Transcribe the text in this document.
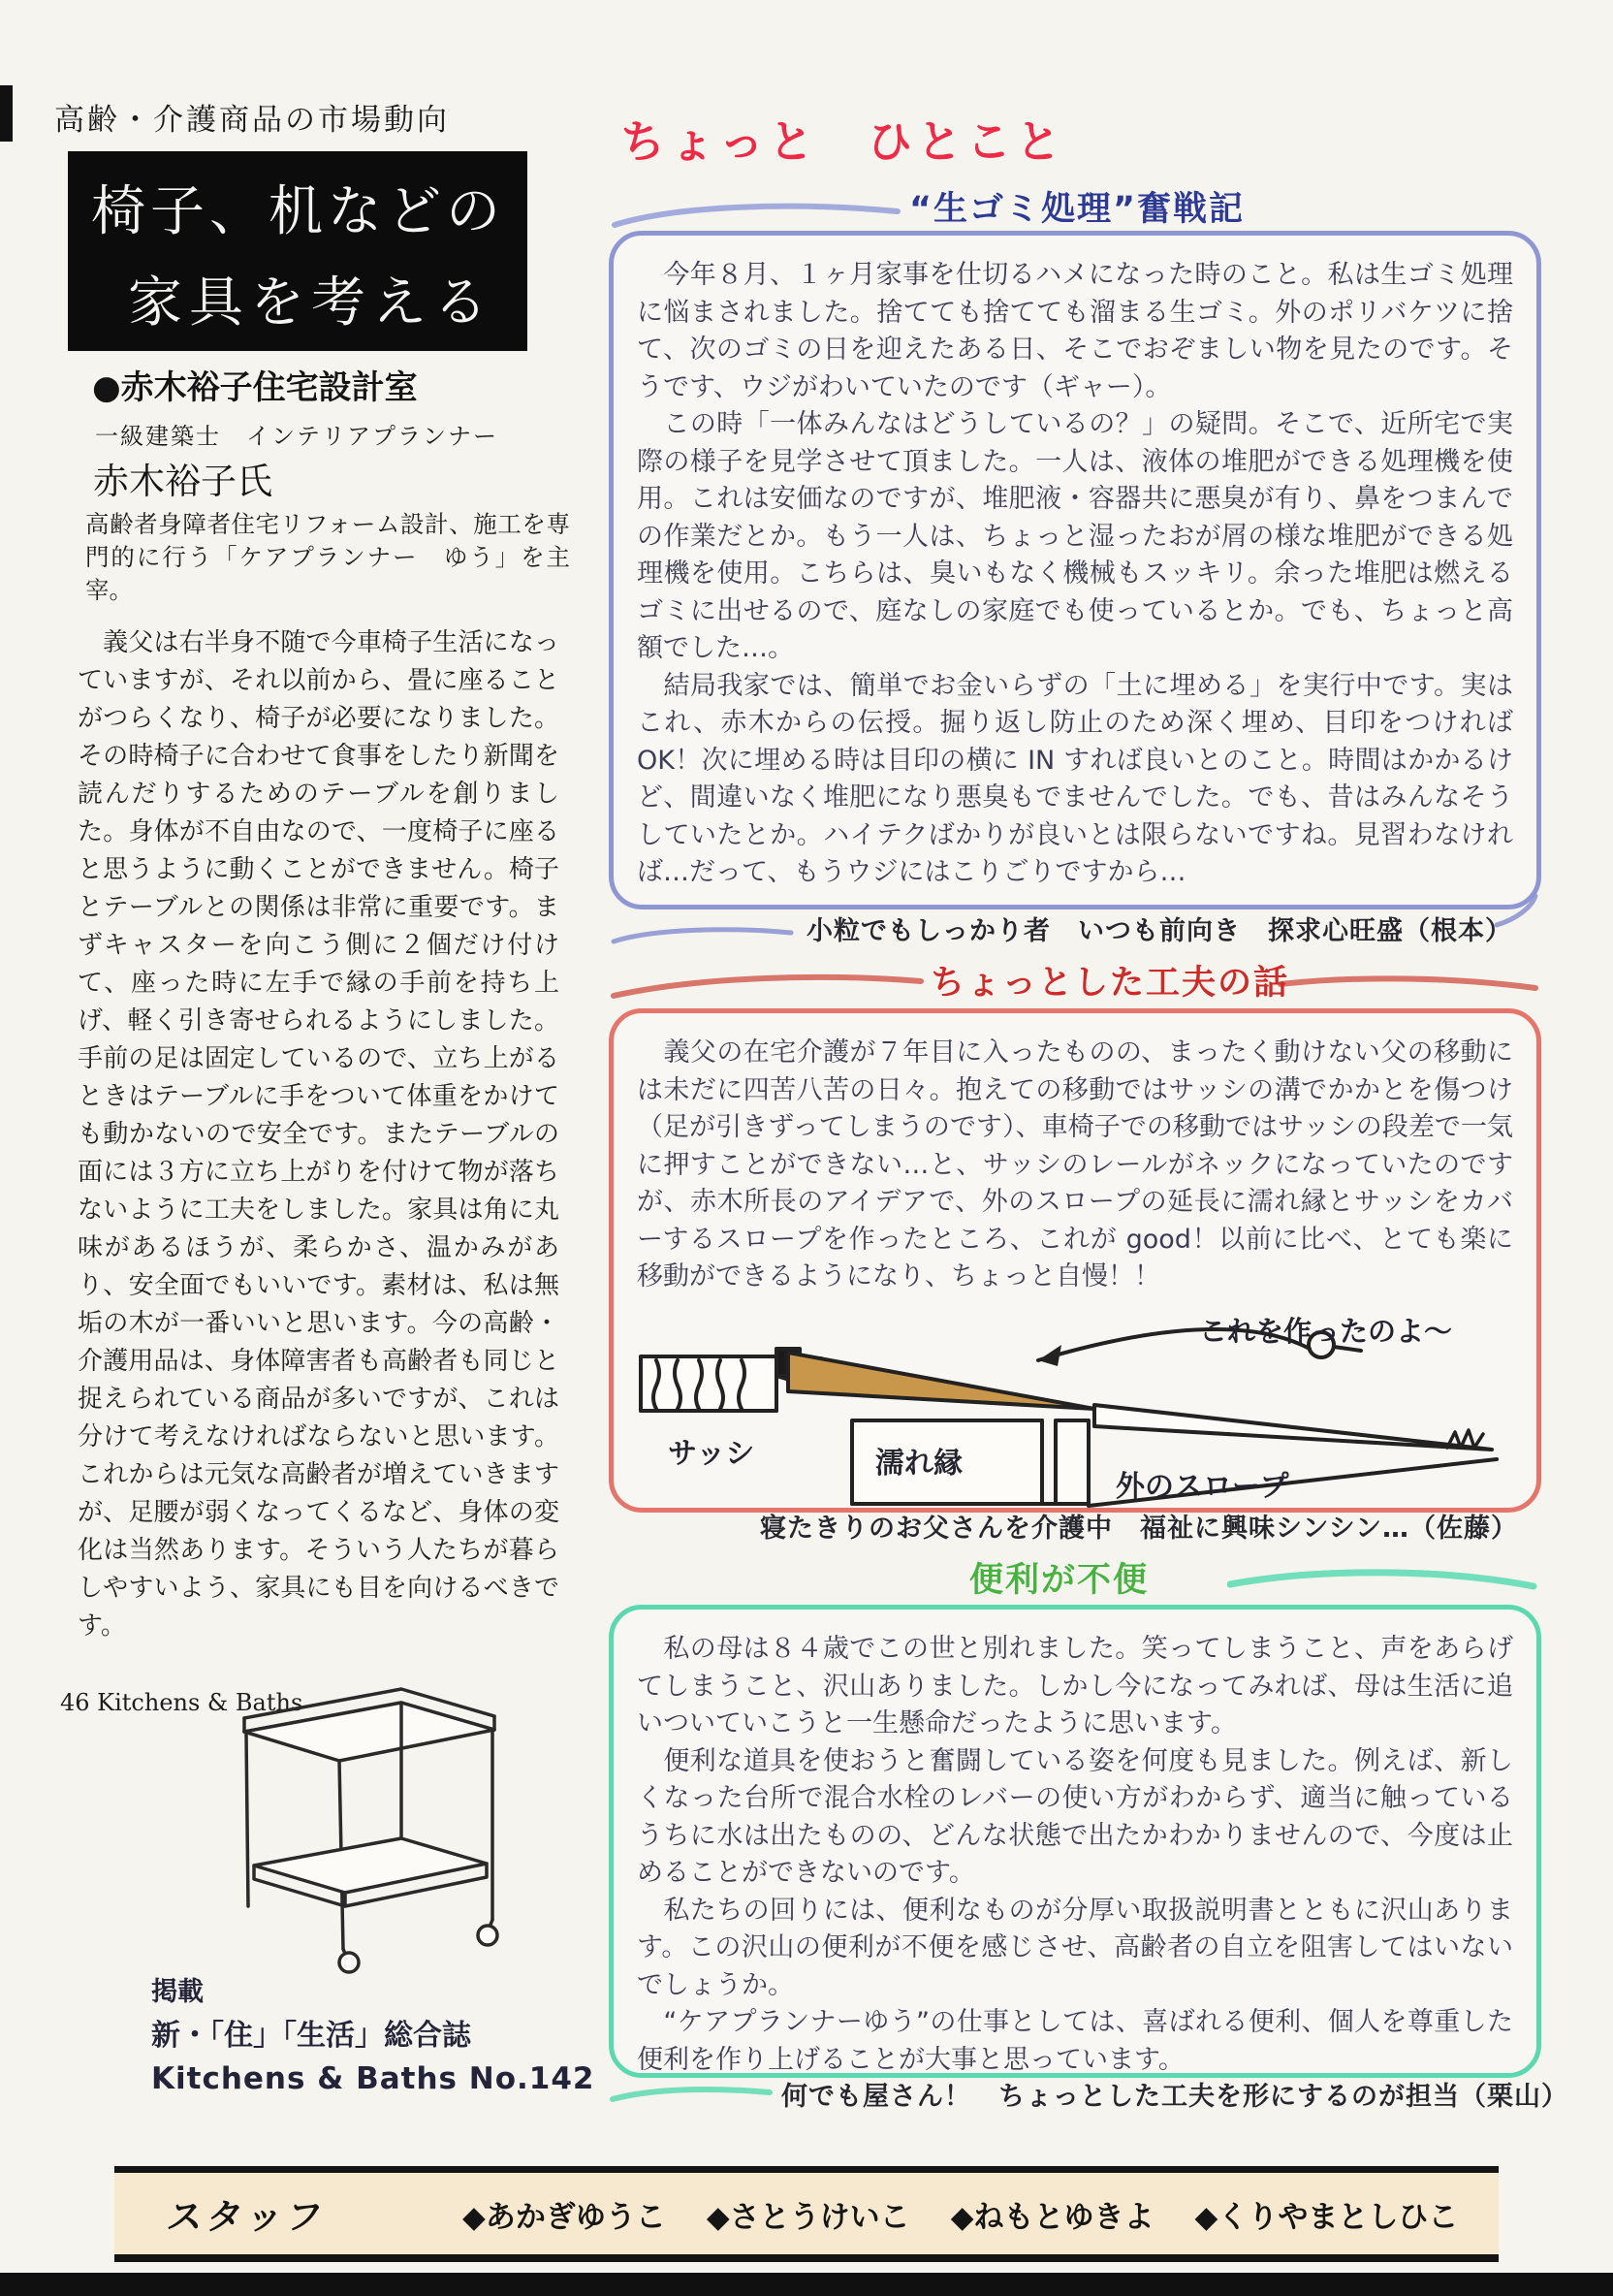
高齢・介護商品の市場動向
椅子、机などの
家具を考える
●赤木裕子住宅設計室
一級建築士　インテリアプランナー
赤木裕子氏
高齢者身障者住宅リフォーム設計、施工を専門的に行う「ケアプランナー　ゆう」を主宰。
　義父は右半身不随で今車椅子生活になっていますが、それ以前から、畳に座ることがつらくなり、椅子が必要になりました。その時椅子に合わせて食事をしたり新聞を読んだりするためのテーブルを創りました。身体が不自由なので、一度椅子に座ると思うように動くことができません。椅子とテーブルとの関係は非常に重要です。まずキャスターを向こう側に２個だけ付けて、座った時に左手で縁の手前を持ち上げ、軽く引き寄せられるようにしました。手前の足は固定しているので、立ち上がるときはテーブルに手をついて体重をかけても動かないので安全です。またテーブルの面には３方に立ち上がりを付けて物が落ちないように工夫をしました。家具は角に丸味があるほうが、柔らかさ、温かみがあり、安全面でもいいです。素材は、私は無垢の木が一番いいと思います。今の高齢・介護用品は、身体障害者も高齢者も同じと捉えられている商品が多いですが、これは分けて考えなければならないと思います。これからは元気な高齢者が増えていきますが、足腰が弱くなってくるなど、身体の変化は当然あります。そういう人たちが暮らしやすいよう、家具にも目を向けるべきです。
46 Kitchens & Baths
掲載
新・「住」「生活」総合誌
Kitchens & Baths No.142
ちょっと　ひとこと
“生ゴミ処理”奮戦記

　今年８月、１ヶ月家事を仕切るハメになった時のこと。私は生ゴミ処理に悩まされました。捨てても捨てても溜まる生ゴミ。外のポリバケツに捨て、次のゴミの日を迎えたある日、そこでおぞましい物を見たのです。そうです、ウジがわいていたのです（ギャー）。

　この時「一体みんなはどうしているの？」の疑問。そこで、近所宅で実際の様子を見学させて頂ました。一人は、液体の堆肥ができる処理機を使用。これは安価なのですが、堆肥液・容器共に悪臭が有り、鼻をつまんでの作業だとか。もう一人は、ちょっと湿ったおが屑の様な堆肥ができる処理機を使用。こちらは、臭いもなく機械もスッキリ。余った堆肥は燃えるゴミに出せるので、庭なしの家庭でも使っているとか。でも、ちょっと高額でした…。

　結局我家では、簡単でお金いらずの「土に埋める」を実行中です。実はこれ、赤木からの伝授。掘り返し防止のため深く埋め、目印をつければ OK！次に埋める時は目印の横に IN すれば良いとのこと。時間はかかるけど、間違いなく堆肥になり悪臭もでませんでした。でも、昔はみんなそうしていたとか。ハイテクばかりが良いとは限らないですね。見習わなければ…だって、もうウジにはこりごりですから…

小粒でもしっかり者　いつも前向き　探求心旺盛（根本）
ちょっとした工夫の話

　義父の在宅介護が７年目に入ったものの、まったく動けない父の移動には未だに四苦八苦の日々。抱えての移動ではサッシの溝でかかとを傷つけ（足が引きずってしまうのです）、車椅子での移動ではサッシの段差で一気に押すことができない…と、サッシのレールがネックになっていたのですが、赤木所長のアイデアで、外のスロープの延長に濡れ縁とサッシをカバーするスロープを作ったところ、これが good！以前に比べ、とても楽に移動ができるようになり、ちょっと自慢！！

サッシ	濡れ縁
外のスロープ
これを作ったのよ～
寝たきりのお父さんを介護中　福祉に興味シンシン…（佐藤）
便利が不便

　私の母は８４歳でこの世と別れました。笑ってしまうこと、声をあらげてしまうこと、沢山ありました。しかし今になってみれば、母は生活に追いついていこうと一生懸命だったように思います。

　便利な道具を使おうと奮闘している姿を何度も見ました。例えば、新しくなった台所で混合水栓のレバーの使い方がわからず、適当に触っているうちに水は出たものの、どんな状態で出たかわかりませんので、今度は止めることができないのです。

　私たちの回りには、便利なものが分厚い取扱説明書とともに沢山あります。この沢山の便利が不便を感じさせ、高齢者の自立を阻害してはいないでしょうか。

　“ケアプランナーゆう”の仕事としては、喜ばれる便利、個人を尊重した便利を作り上げることが大事と思っています。

何でも屋さん！　ちょっとした工夫を形にするのが担当（栗山）
スタッフ	◆あかぎゆうこ ◆さとうけいこ ◆ねもとゆきよ ◆くりやまとしひこ
